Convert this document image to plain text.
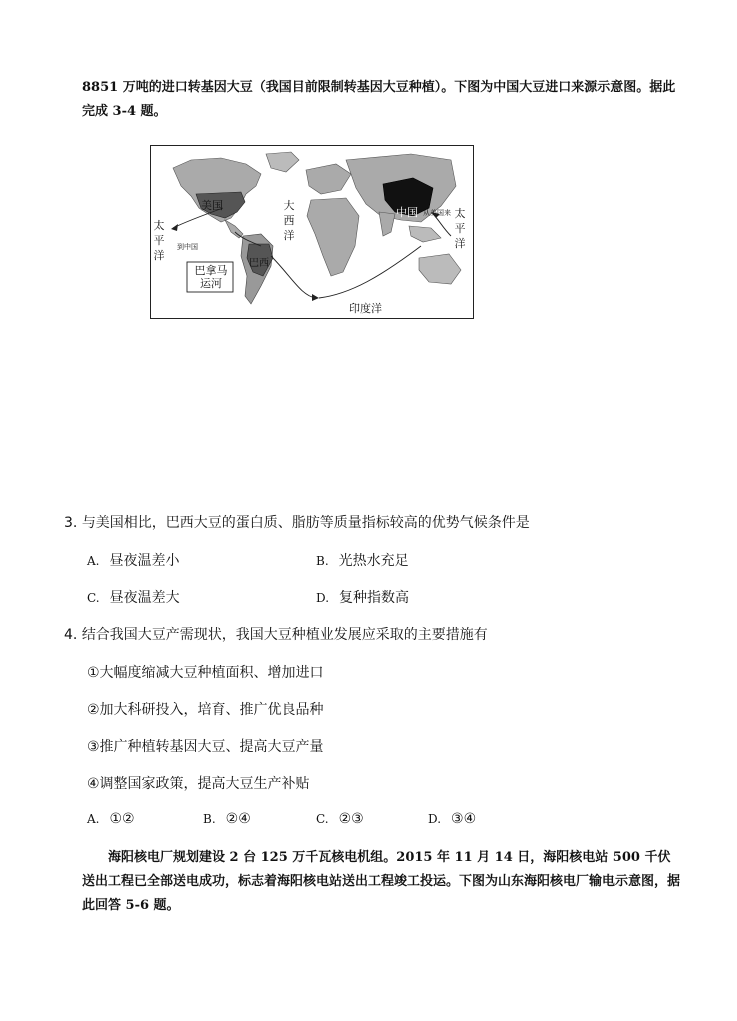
8851 万吨的进口转基因大豆（我国目前限制转基因大豆种植）。下图为中国大豆进口来源示意图。据此完成 3-4 题。
美国
中国
巴西
巴拿马运河
太平洋
太平洋
大西洋
印度洋
到中国
从美国来
3. 与美国相比，巴西大豆的蛋白质、脂肪等质量指标较高的优势气候条件是
A. 昼夜温差小	B. 光热水充足
C. 昼夜温差大	D. 复种指数高
4. 结合我国大豆产需现状，我国大豆种植业发展应采取的主要措施有
①大幅度缩减大豆种植面积、增加进口
②加大科研投入，培育、推广优良品种
③推广种植转基因大豆、提高大豆产量
④调整国家政策，提高大豆生产补贴
A. ①②	B. ②④	C. ②③	D. ③④
海阳核电厂规划建设 2 台 125 万千瓦核电机组。2015 年 11 月 14 日，海阳核电站 500 千伏送出工程已全部送电成功，标志着海阳核电站送出工程竣工投运。下图为山东海阳核电厂输电示意图，据此回答 5-6 题。
